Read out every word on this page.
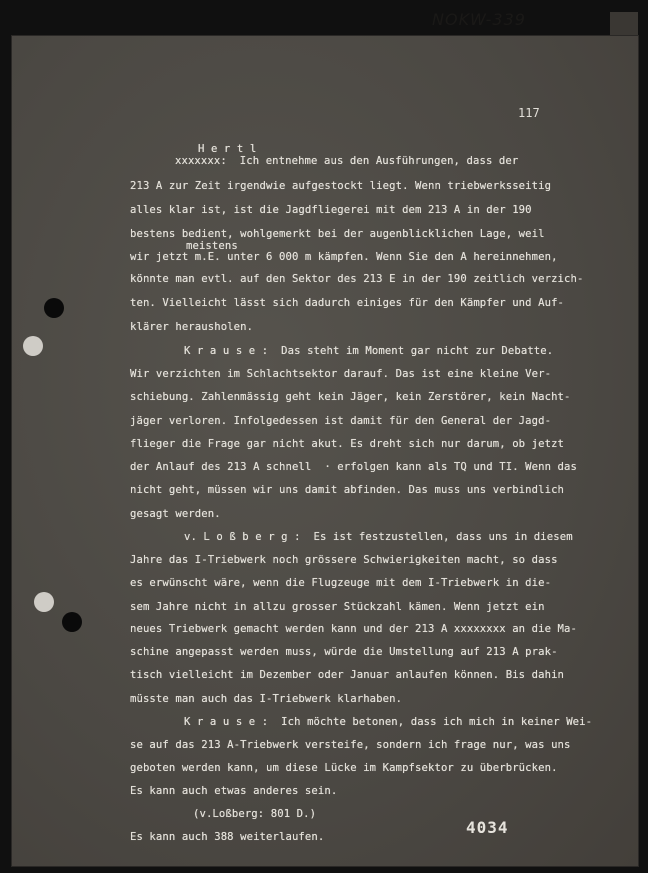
NOKW-339
117
H e r t l
xxxxxxx:  Ich entnehme aus den Ausführungen, dass der
213 A zur Zeit irgendwie aufgestockt liegt. Wenn triebwerksseitig
alles klar ist, ist die Jagdfliegerei mit dem 213 A in der 190
bestens bedient, wohlgemerkt bei der augenblicklichen Lage, weil
meistens
wir jetzt m.E. unter 6 000 m kämpfen. Wenn Sie den A hereinnehmen,
könnte man evtl. auf den Sektor des 213 E in der 190 zeitlich verzich-
ten. Vielleicht lässt sich dadurch einiges für den Kämpfer und Auf-
klärer herausholen.
K r a u s e :  Das steht im Moment gar nicht zur Debatte.
Wir verzichten im Schlachtsektor darauf. Das ist eine kleine Ver-
schiebung. Zahlenmässig geht kein Jäger, kein Zerstörer, kein Nacht-
jäger verloren. Infolgedessen ist damit für den General der Jagd-
flieger die Frage gar nicht akut. Es dreht sich nur darum, ob jetzt
der Anlauf des 213 A schnell  · erfolgen kann als TQ und TI. Wenn das
nicht geht, müssen wir uns damit abfinden. Das muss uns verbindlich
gesagt werden.
v. L o ß b e r g :  Es ist festzustellen, dass uns in diesem
Jahre das I-Triebwerk noch grössere Schwierigkeiten macht, so dass
es erwünscht wäre, wenn die Flugzeuge mit dem I-Triebwerk in die-
sem Jahre nicht in allzu grosser Stückzahl kämen. Wenn jetzt ein
neues Triebwerk gemacht werden kann und der 213 A xxxxxxxx an die Ma-
schine angepasst werden muss, würde die Umstellung auf 213 A prak-
tisch vielleicht im Dezember oder Januar anlaufen können. Bis dahin
müsste man auch das I-Triebwerk klarhaben.
K r a u s e :  Ich möchte betonen, dass ich mich in keiner Wei-
se auf das 213 A-Triebwerk versteife, sondern ich frage nur, was uns
geboten werden kann, um diese Lücke im Kampfsektor zu überbrücken.
Es kann auch etwas anderes sein.
(v.Loßberg: 801 D.)
Es kann auch 388 weiterlaufen.	4034
